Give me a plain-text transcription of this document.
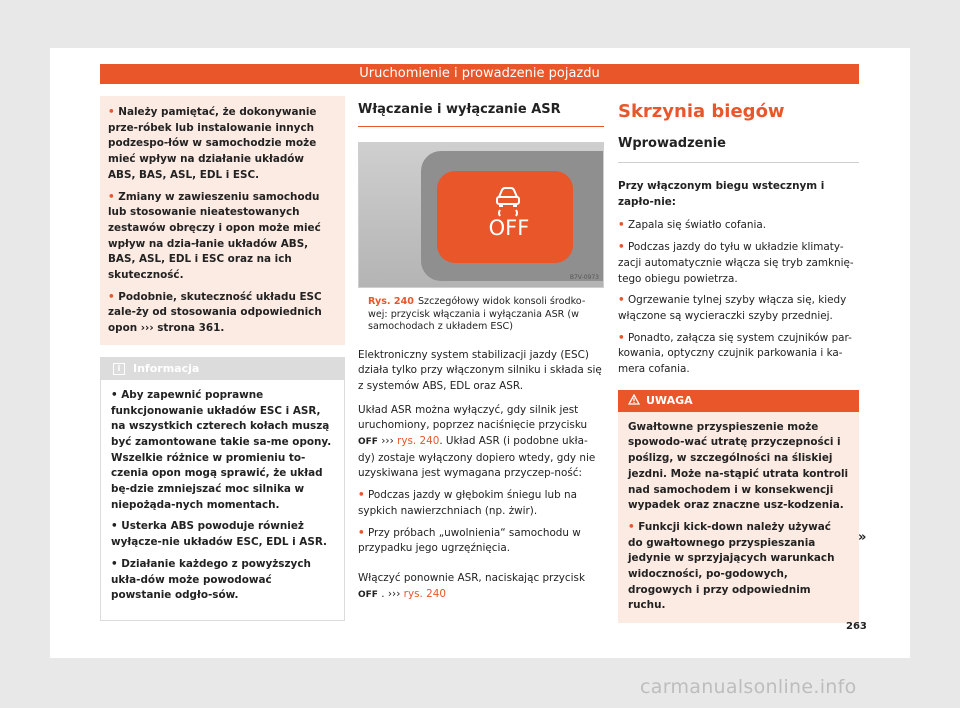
Uruchomienie i prowadzenie pojazdu

• Należy pamiętać, że dokonywanie prze-róbek lub instalowanie innych podzespo-łów w samochodzie może mieć wpływ na działanie układów ABS, BAS, ASL, EDL i ESC.

• Zmiany w zawieszeniu samochodu lub stosowanie nieatestowanych zestawów obręczy i opon może mieć wpływ na dzia-łanie układów ABS, BAS, ASL, EDL i ESC oraz na ich skuteczność.

• Podobnie, skuteczność układu ESC zale-ży od stosowania odpowiednich opon ››› strona 361.

i Informacja

• Aby zapewnić poprawne funkcjonowanie układów ESC i ASR, na wszystkich czterech kołach muszą być zamontowane takie sa-me opony. Wszelkie różnice w promieniu to-czenia opon mogą sprawić, że układ bę-dzie zmniejszać moc silnika w niepożąda-nych momentach.

• Usterka ABS powoduje również wyłącze-nie układów ESC, EDL i ASR.

• Działanie każdego z powyższych ukła-dów może powodować powstanie odgło-sów.

Włączanie i wyłączanie ASR
OFF
B7V-0973
Rys. 240 Szczegółowy widok konsoli środko-wej: przycisk włączania i wyłączania ASR (w samochodach z układem ESC)

Elektroniczny system stabilizacji jazdy (ESC) działa tylko przy włączonym silniku i składa się z systemów ABS, EDL oraz ASR.

Układ ASR można wyłączyć, gdy silnik jest uruchomiony, poprzez naciśnięcie przycisku OFF ››› rys. 240. Układ ASR (i podobne ukła-dy) zostaje wyłączony dopiero wtedy, gdy nie uzyskiwana jest wymagana przyczep-ność:

• Podczas jazdy w głębokim śniegu lub na sypkich nawierzchniach (np. żwir).

• Przy próbach „uwolnienia“ samochodu w przypadku jego ugrzęźnięcia.

Włączyć ponownie ASR, naciskając przycisk OFF . ››› rys. 240

Skrzynia biegów
Wprowadzenie

Przy włączonym biegu wstecznym i zapło-nie:

• Zapala się światło cofania.

• Podczas jazdy do tyłu w układzie klimaty-zacji automatycznie włącza się tryb zamknię-tego obiegu powietrza.

• Ogrzewanie tylnej szyby włącza się, kiedy włączone są wycieraczki szyby przedniej.

• Ponadto, załącza się system czujników par-kowania, optyczny czujnik parkowania i ka-mera cofania.

UWAGA

Gwałtowne przyspieszenie może spowodo-wać utratę przyczepności i poślizg, w szczególności na śliskiej jezdni. Może na-stąpić utrata kontroli nad samochodem i w konsekwencji wypadek oraz znaczne usz-kodzenia.

• Funkcji kick-down należy używać do gwałtownego przyspieszania jedynie w sprzyjających warunkach widoczności, po-godowych, drogowych i przy odpowiednim ruchu.

»
263
carmanualsonline.info
